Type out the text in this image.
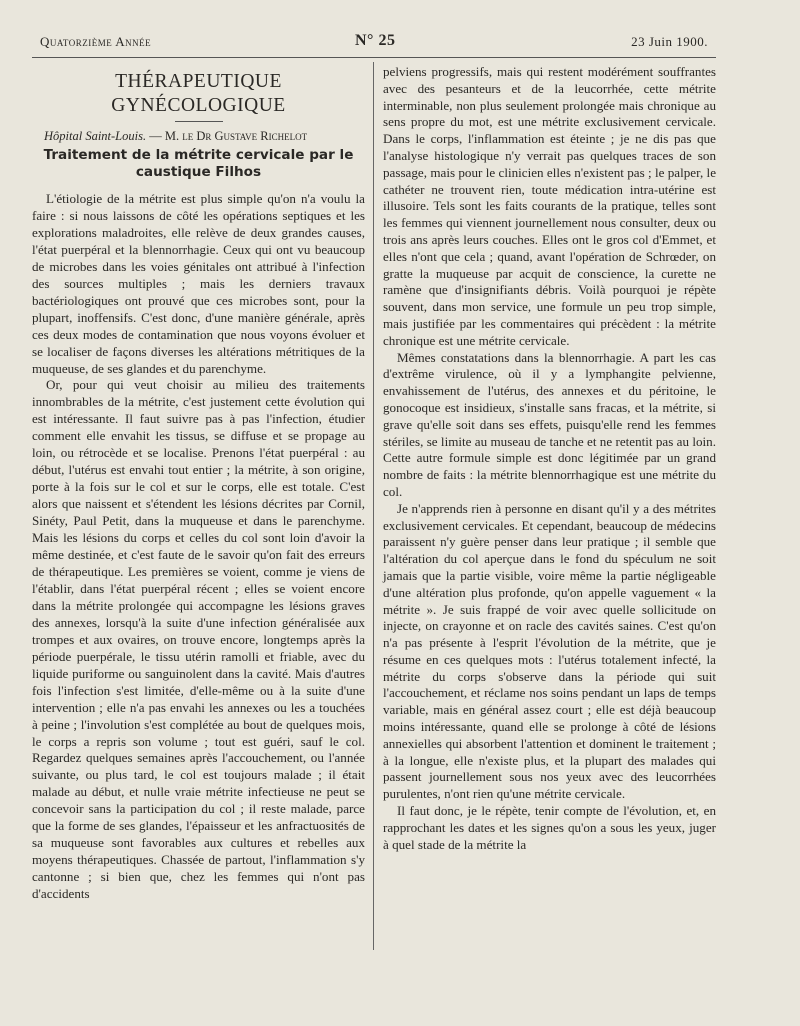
Quatorzième Année	N° 25	23 Juin 1900.
THÉRAPEUTIQUE GYNÉCOLOGIQUE

Hôpital Saint-Louis. — M. le Dr Gustave Richelot

Traitement de la métrite cervicale par le caustique Filhos

L'étiologie de la métrite est plus simple qu'on n'a voulu la faire : si nous laissons de côté les opérations septiques et les explorations maladroites, elle relève de deux grandes causes, l'état puerpéral et la blennorrhagie. Ceux qui ont vu beaucoup de microbes dans les voies génitales ont attribué à l'infection des sources multiples ; mais les derniers travaux bactériologiques ont prouvé que ces microbes sont, pour la plupart, inoffensifs. C'est donc, d'une manière générale, après ces deux modes de contamination que nous voyons évoluer et se localiser de façons diverses les altérations métritiques de la muqueuse, de ses glandes et du parenchyme.

Or, pour qui veut choisir au milieu des traitements innombrables de la métrite, c'est justement cette évolution qui est intéressante. Il faut suivre pas à pas l'infection, étudier comment elle envahit les tissus, se diffuse et se propage au loin, ou rétrocède et se localise. Prenons l'état puerpéral : au début, l'utérus est envahi tout entier ; la métrite, à son origine, porte à la fois sur le col et sur le corps, elle est totale. C'est alors que naissent et s'étendent les lésions décrites par Cornil, Sinéty, Paul Petit, dans la muqueuse et dans le parenchyme. Mais les lésions du corps et celles du col sont loin d'avoir la même destinée, et c'est faute de le savoir qu'on fait des erreurs de thérapeutique. Les premières se voient, comme je viens de l'établir, dans l'état puerpéral récent ; elles se voient encore dans la métrite prolongée qui accompagne les lésions graves des annexes, lorsqu'à la suite d'une infection généralisée aux trompes et aux ovaires, on trouve encore, longtemps après la période puerpérale, le tissu utérin ramolli et friable, avec du liquide puriforme ou sanguinolent dans la cavité. Mais d'autres fois l'infection s'est limitée, d'elle-même ou à la suite d'une intervention ; elle n'a pas envahi les annexes ou les a touchées à peine ; l'involution s'est complétée au bout de quelques mois, le corps a repris son volume ; tout est guéri, sauf le col. Regardez quelques semaines après l'accouchement, ou l'année suivante, ou plus tard, le col est toujours malade ; il était malade au début, et nulle vraie métrite infectieuse ne peut se concevoir sans la participation du col ; il reste malade, parce que la forme de ses glandes, l'épaisseur et les anfractuosités de sa muqueuse sont favorables aux cultures et rebelles aux moyens thérapeutiques. Chassée de partout, l'inflammation s'y cantonne ; si bien que, chez les femmes qui n'ont pas d'accidents

pelviens progressifs, mais qui restent modérément souffrantes avec des pesanteurs et de la leucorrhée, cette métrite interminable, non plus seulement prolongée mais chronique au sens propre du mot, est une métrite exclusivement cervicale. Dans le corps, l'inflammation est éteinte ; je ne dis pas que l'analyse histologique n'y verrait pas quelques traces de son passage, mais pour le clinicien elles n'existent pas ; le palper, le cathéter ne trouvent rien, toute médication intra-utérine est illusoire. Tels sont les faits courants de la pratique, telles sont les femmes qui viennent journellement nous consulter, deux ou trois ans après leurs couches. Elles ont le gros col d'Emmet, et elles n'ont que cela ; quand, avant l'opération de Schrœder, on gratte la muqueuse par acquit de conscience, la curette ne ramène que d'insignifiants débris. Voilà pourquoi je répète souvent, dans mon service, une formule un peu trop simple, mais justifiée par les commentaires qui précèdent : la métrite chronique est une métrite cervicale.

Mêmes constatations dans la blennorrhagie. A part les cas d'extrême virulence, où il y a lymphangite pelvienne, envahissement de l'utérus, des annexes et du péritoine, le gonocoque est insidieux, s'installe sans fracas, et la métrite, si grave qu'elle soit dans ses effets, puisqu'elle rend les femmes stériles, se limite au museau de tanche et ne retentit pas au loin. Cette autre formule simple est donc légitimée par un grand nombre de faits : la métrite blennorrhagique est une métrite du col.

Je n'apprends rien à personne en disant qu'il y a des métrites exclusivement cervicales. Et cependant, beaucoup de médecins paraissent n'y guère penser dans leur pratique ; il semble que l'altération du col aperçue dans le fond du spéculum ne soit jamais que la partie visible, voire même la partie négligeable d'une altération plus profonde, qu'on appelle vaguement « la métrite ». Je suis frappé de voir avec quelle sollicitude on injecte, on crayonne et on racle des cavités saines. C'est qu'on n'a pas présente à l'esprit l'évolution de la métrite, que je résume en ces quelques mots : l'utérus totalement infecté, la métrite du corps s'observe dans la période qui suit l'accouchement, et réclame nos soins pendant un laps de temps variable, mais en général assez court ; elle est déjà beaucoup moins intéressante, quand elle se prolonge à côté de lésions annexielles qui absorbent l'attention et dominent le traitement ; à la longue, elle n'existe plus, et la plupart des malades qui passent journellement sous nos yeux avec des leucorrhées purulentes, n'ont rien qu'une métrite cervicale.

Il faut donc, je le répète, tenir compte de l'évolution, et, en rapprochant les dates et les signes qu'on a sous les yeux, juger à quel stade de la métrite la
